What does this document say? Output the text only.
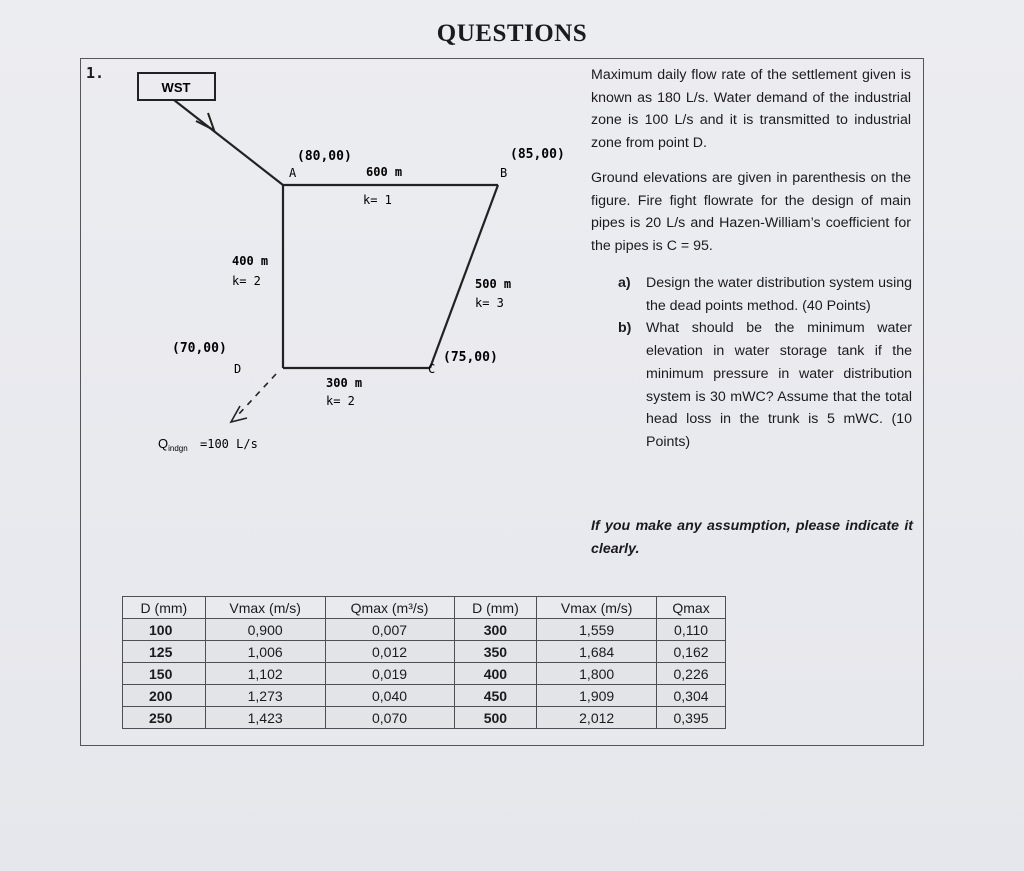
QUESTIONS
1.
WST
A	B
C
D
(80,00)	(85,00)
(75,00)
(70,00)
600 m
k= 1
400 m
k= 2	500 m
k= 3
300 m
k= 2
$Q_{indgn} =100$ L/s
Maximum daily flow rate of the settlement given is known as 180 L/s. Water demand of the industrial zone is 100 L/s and it is transmitted to industrial zone from point D.
Ground elevations are given in parenthesis on the figure. Fire fight flowrate for the design of main pipes is 20 L/s and Hazen-William’s coefficient for the pipes is C = 95.
a)	Design the water distribution system using the dead points method. (40 Points)
b)	What should be the minimum water elevation in water storage tank if the minimum pressure in water distribution system is 30 mWC? Assume that the total head loss in the trunk is 5 mWC. (10 Points)
If you make any assumption, please indicate it clearly.
D (mm)	Vmax (m/s)	Qmax (m³/s)	D (mm)	Vmax (m/s)	Qmax
100	0,900	0,007	300	1,559	0,110
125	1,006	0,012	350	1,684	0,162
150	1,102	0,019	400	1,800	0,226
200	1,273	0,040	450	1,909	0,304
250	1,423	0,070	500	2,012	0,395
